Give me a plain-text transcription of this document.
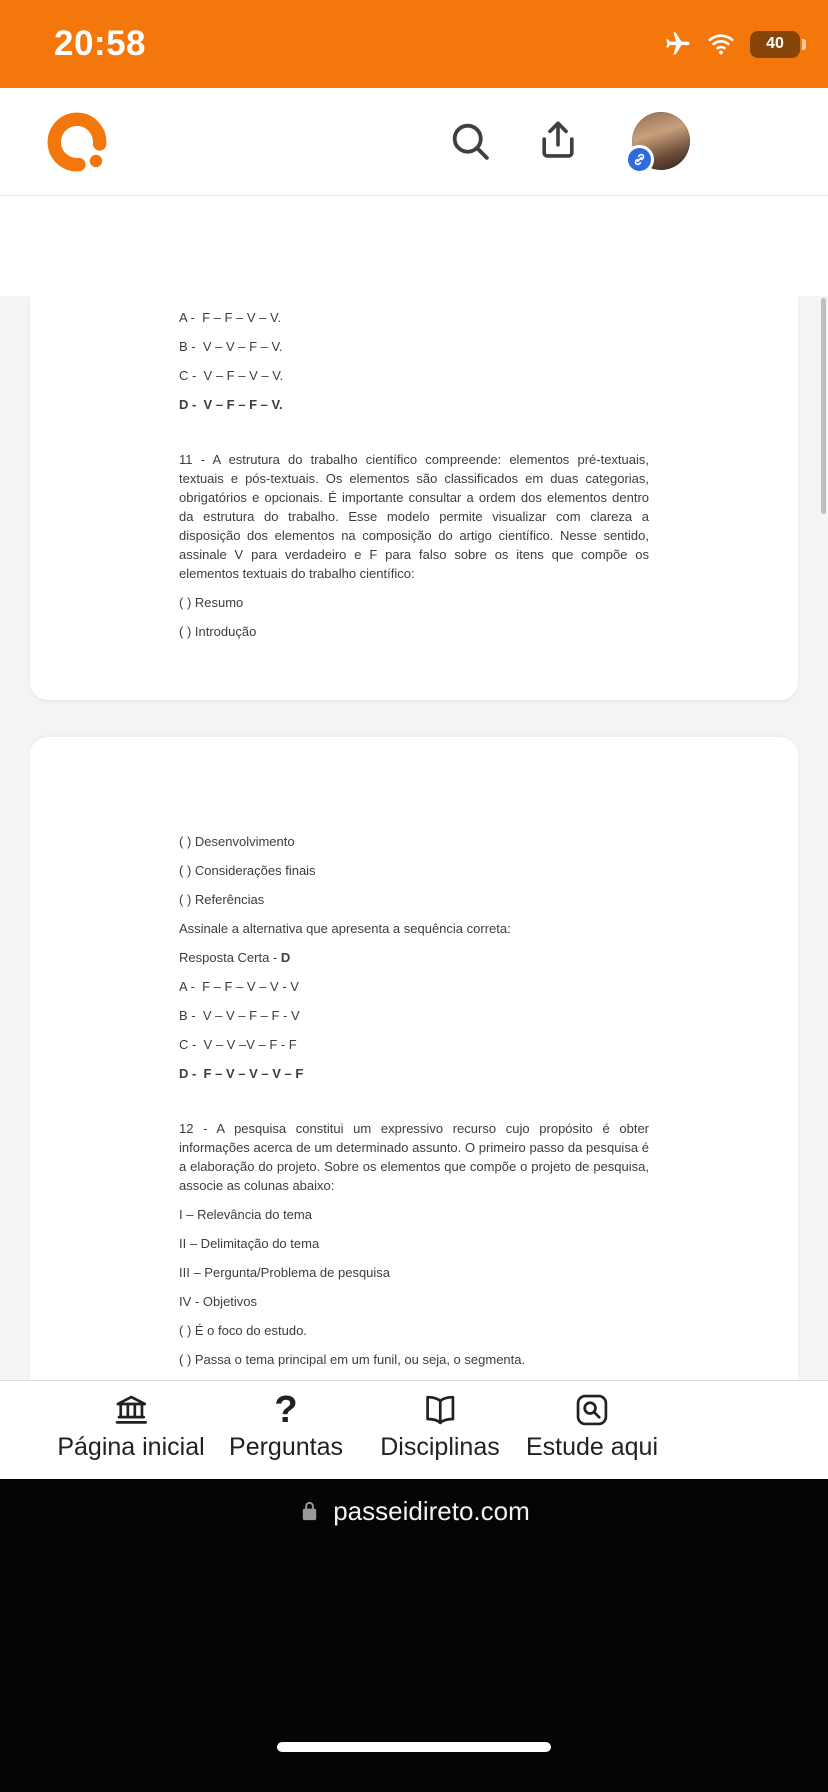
20:58	40
A -  F – F – V – V.
B -  V – V – F – V.
C -  V – F – V – V.
D -  V – F – F – V.

11 - A estrutura do trabalho científico compreende: elementos pré-textuais, textuais e pós-textuais. Os elementos são classificados em duas categorias, obrigatórios e opcionais. É importante consultar a ordem dos elementos dentro da estrutura do trabalho. Esse modelo permite visualizar com clareza a disposição dos elementos na composição do artigo científico. Nesse sentido, assinale V para verdadeiro e F para falso sobre os itens que compõe os elementos textuais do trabalho científico:

( ) Resumo
( ) Introdução
( ) Desenvolvimento
( ) Considerações finais
( ) Referências
Assinale a alternativa que apresenta a sequência correta:
Resposta Certa - D
A -  F – F – V – V - V
B -  V – V – F – F - V
C -  V – V –V – F - F
D -  F – V – V – V – F

12 - A pesquisa constitui um expressivo recurso cujo propósito é obter informações acerca de um determinado assunto. O primeiro passo da pesquisa é a elaboração do projeto. Sobre os elementos que compõe o projeto de pesquisa, associe as colunas abaixo:

I – Relevância do tema
II – Delimitação do tema
III – Pergunta/Problema de pesquisa
IV - Objetivos
( ) É o foco do estudo.
( ) Passa o tema principal em um funil, ou seja, o segmenta.
Página inicial
?
Perguntas Disciplinas Estude aqui
passeidireto.com
